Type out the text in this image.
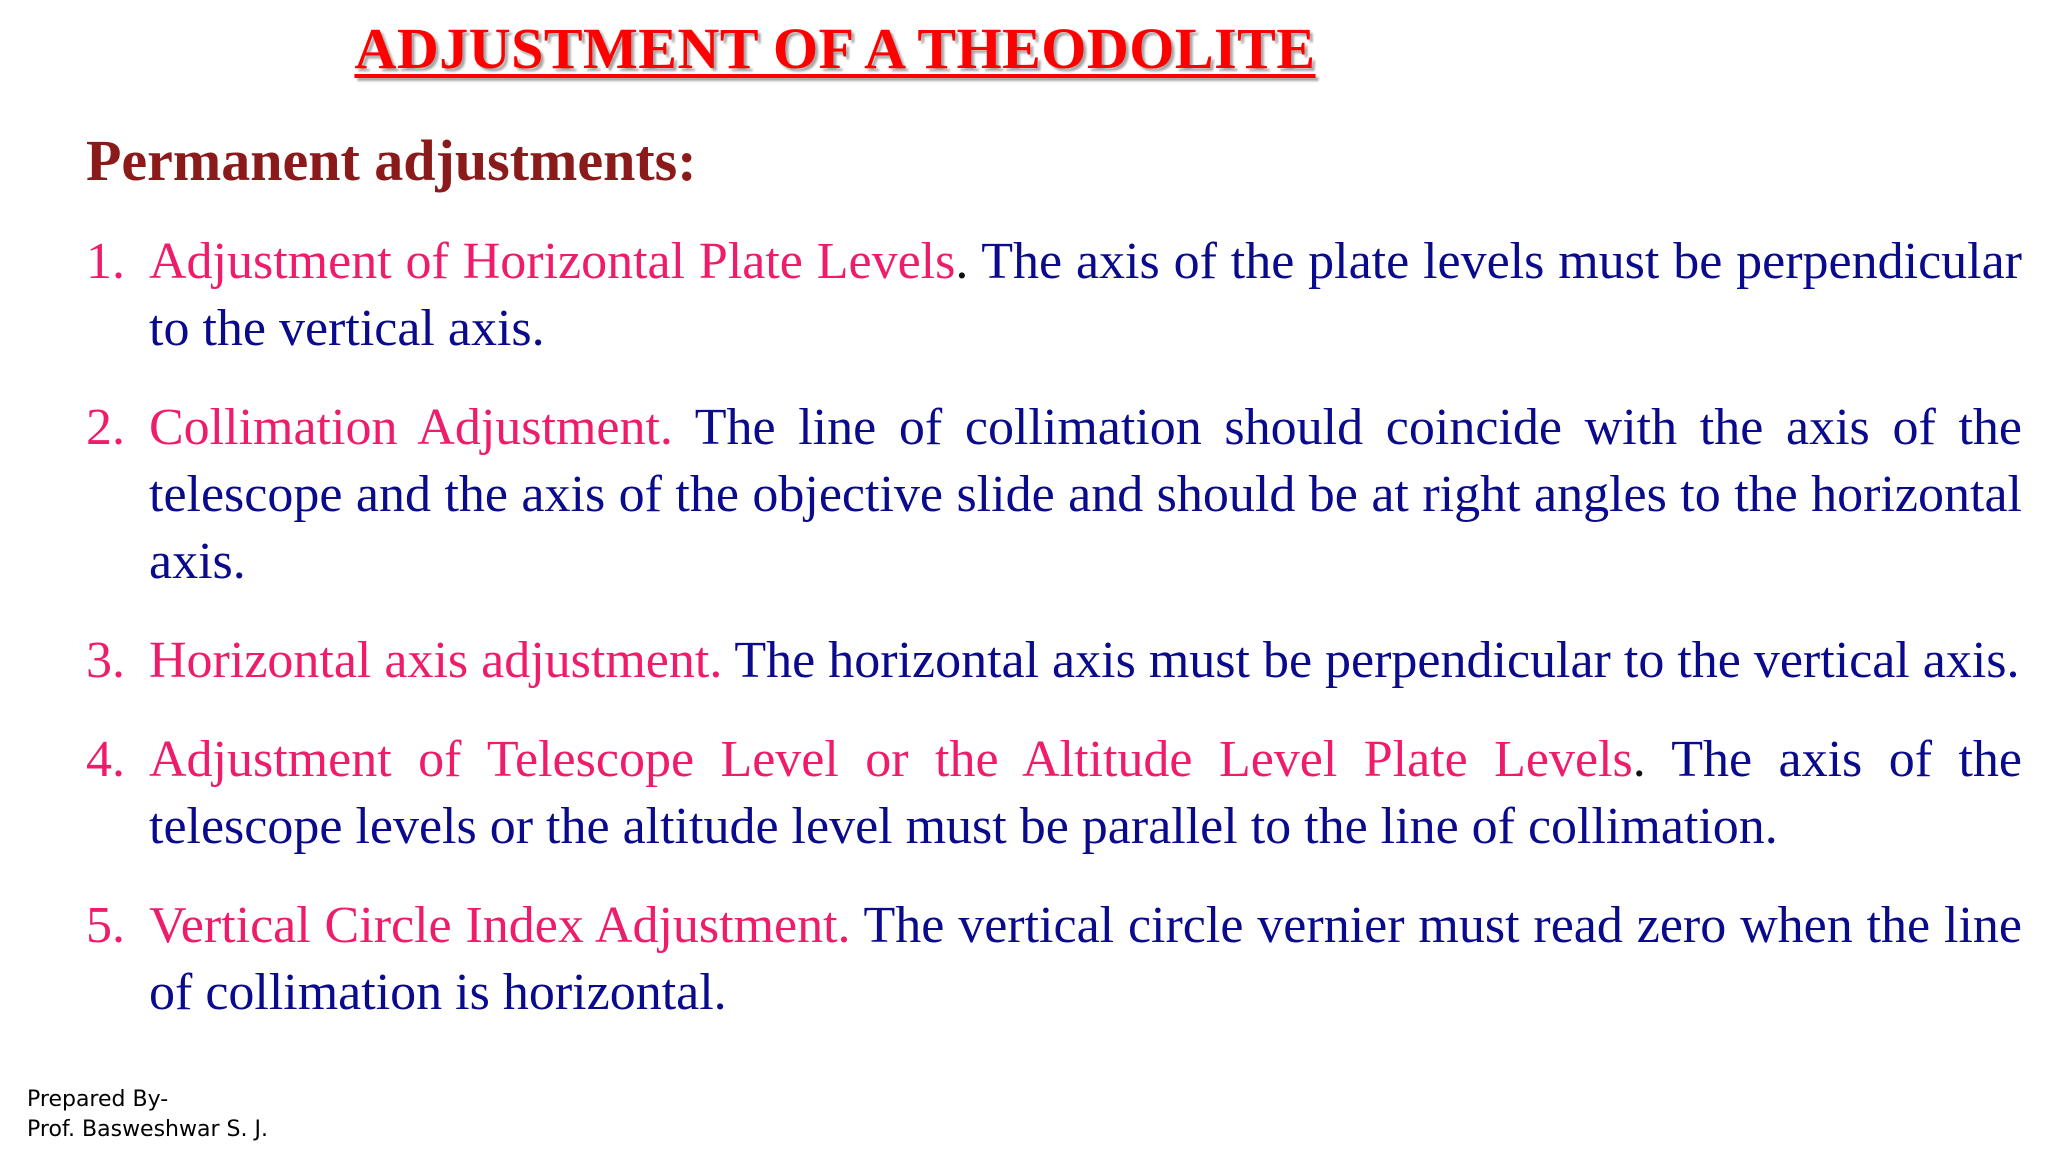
ADJUSTMENT OF A THEODOLITE
Permanent adjustments:
1. Adjustment of Horizontal Plate Levels. The axis of the plate levels must be perpendicular to the vertical axis.
2. Collimation Adjustment. The line of collimation should coincide with the axis of the telescope and the axis of the objective slide and should be at right angles to the horizontal axis.
3. Horizontal axis adjustment. The horizontal axis must be perpendicular to the vertical axis.
4. Adjustment of Telescope Level or the Altitude Level Plate Levels. The axis of the telescope levels or the altitude level must be parallel to the line of collimation.
5. Vertical Circle Index Adjustment. The vertical circle vernier must read zero when the line of collimation is horizontal.
Prepared By-
Prof. Basweshwar S. J.
